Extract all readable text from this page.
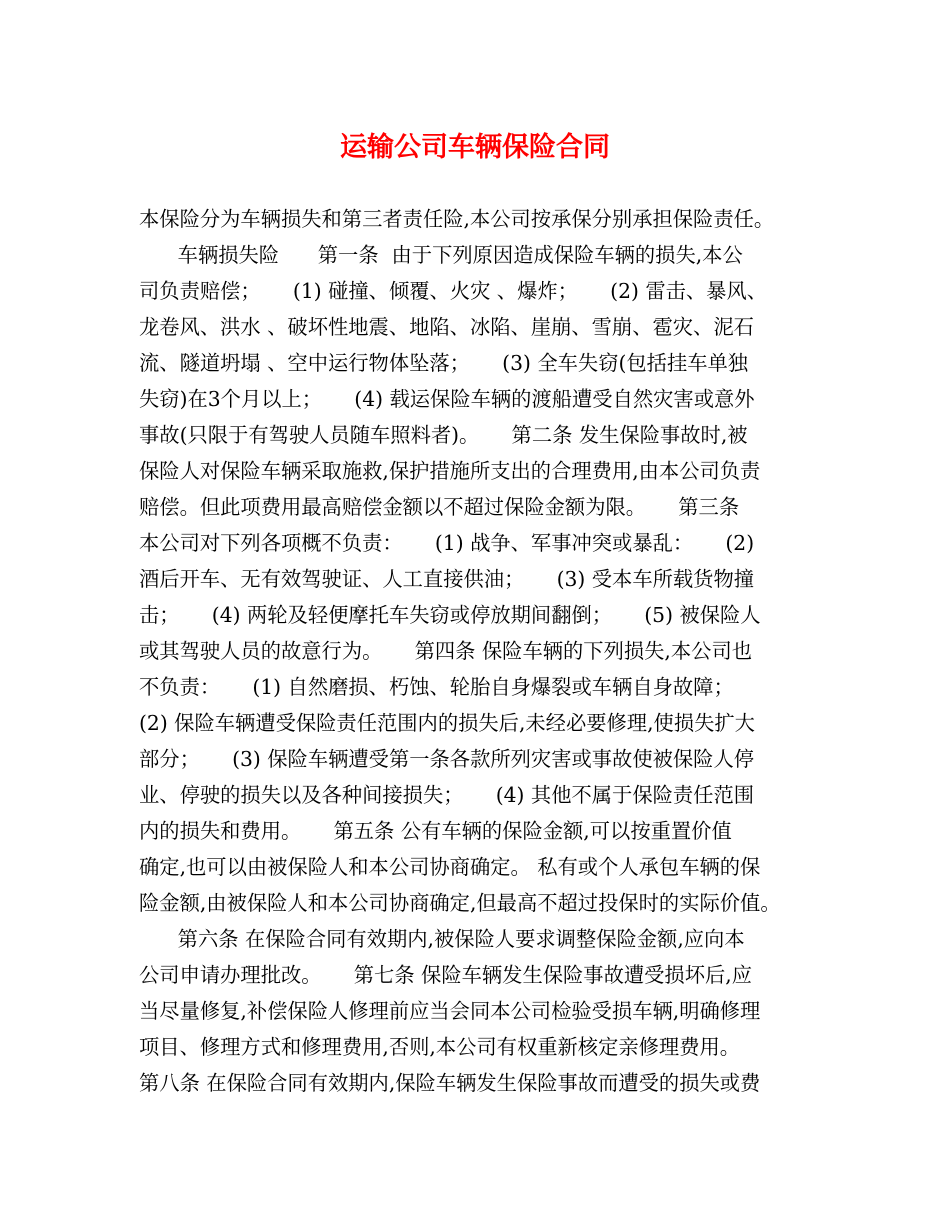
运输公司车辆保险合同
本保险分为车辆损失和第三者责任险,本公司按承保分别承担保险责任。
车辆损失险      第一条  由于下列原因造成保险车辆的损失,本公
司负责赔偿；     (1) 碰撞、倾覆、火灾 、爆炸；     (2) 雷击、暴风、
龙卷风、洪水 、破坏性地震、地陷、冰陷、崖崩、雪崩、雹灾、泥石
流、隧道坍塌 、空中运行物体坠落；     (3) 全车失窃(包括挂车单独
失窃)在3个月以上；     (4) 载运保险车辆的渡船遭受自然灾害或意外
事故(只限于有驾驶人员随车照料者)。     第二条 发生保险事故时,被
保险人对保险车辆采取施救,保护措施所支出的合理费用,由本公司负责
赔偿。但此项费用最高赔偿金额以不超过保险金额为限。     第三条
本公司对下列各项概不负责：     (1) 战争、军事冲突或暴乱：     (2)
酒后开车、无有效驾驶证、人工直接供油；     (3) 受本车所载货物撞
击；     (4) 两轮及轻便摩托车失窃或停放期间翻倒；     (5) 被保险人
或其驾驶人员的故意行为。     第四条 保险车辆的下列损失,本公司也
不负责：     (1) 自然磨损、朽蚀、轮胎自身爆裂或车辆自身故障；
(2) 保险车辆遭受保险责任范围内的损失后,未经必要修理,使损失扩大
部分；     (3) 保险车辆遭受第一条各款所列灾害或事故使被保险人停
业、停驶的损失以及各种间接损失；     (4) 其他不属于保险责任范围
内的损失和费用。     第五条 公有车辆的保险金额,可以按重置价值
确定,也可以由被保险人和本公司协商确定。 私有或个人承包车辆的保
险金额,由被保险人和本公司协商确定,但最高不超过投保时的实际价值。
第六条 在保险合同有效期内,被保险人要求调整保险金额,应向本
公司申请办理批改。     第七条 保险车辆发生保险事故遭受损坏后,应
当尽量修复,补偿保险人修理前应当会同本公司检验受损车辆,明确修理
项目、修理方式和修理费用,否则,本公司有权重新核定亲修理费用。
第八条 在保险合同有效期内,保险车辆发生保险事故而遭受的损失或费
